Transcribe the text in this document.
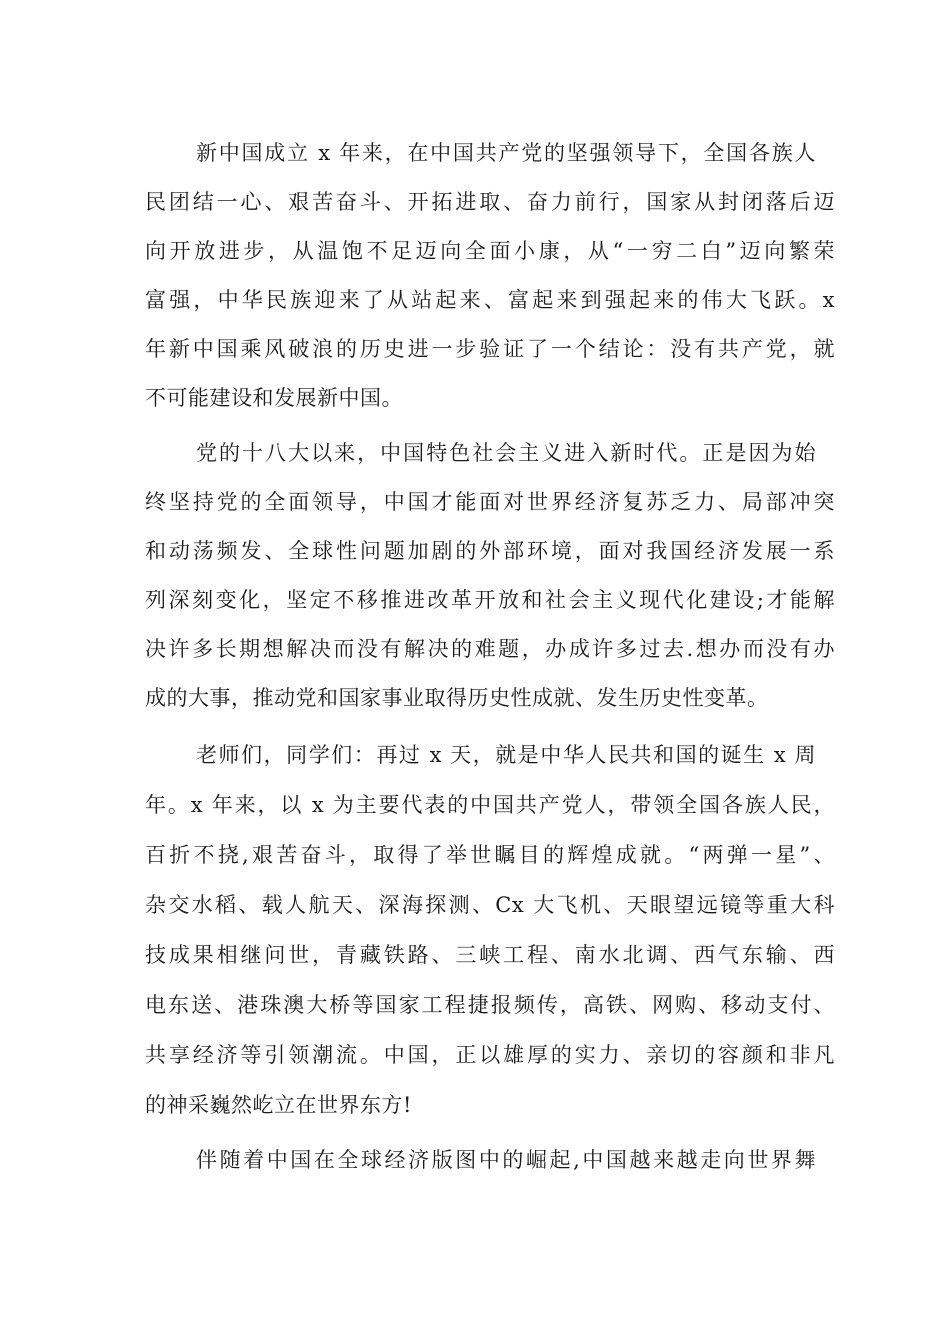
新中国成立 x 年来，在中国共产党的坚强领导下，全国各族人
民团结一心、艰苦奋斗、开拓进取、奋力前行，国家从封闭落后迈
向开放进步，从温饱不足迈向全面小康，从“一穷二白”迈向繁荣
富强，中华民族迎来了从站起来、富起来到强起来的伟大飞跃。x
年新中国乘风破浪的历史进一步验证了一个结论：没有共产党，就
不可能建设和发展新中国。
党的十八大以来，中国特色社会主义进入新时代。正是因为始
终坚持党的全面领导，中国才能面对世界经济复苏乏力、局部冲突
和动荡频发、全球性问题加剧的外部环境，面对我国经济发展一系
列深刻变化，坚定不移推进改革开放和社会主义现代化建设;才能解
决许多长期想解决而没有解决的难题，办成许多过去.想办而没有办
成的大事，推动党和国家事业取得历史性成就、发生历史性变革。
老师们，同学们：再过 x 天，就是中华人民共和国的诞生 x 周
年。x 年来，以 x 为主要代表的中国共产党人，带领全国各族人民，
百折不挠,艰苦奋斗，取得了举世瞩目的辉煌成就。“两弹一星”、
杂交水稻、载人航天、深海探测、Cx 大飞机、天眼望远镜等重大科
技成果相继问世，青藏铁路、三峡工程、南水北调、西气东输、西
电东送、港珠澳大桥等国家工程捷报频传，高铁、网购、移动支付、
共享经济等引领潮流。中国，正以雄厚的实力、亲切的容颜和非凡
的神采巍然屹立在世界东方!
伴随着中国在全球经济版图中的崛起,中国越来越走向世界舞
